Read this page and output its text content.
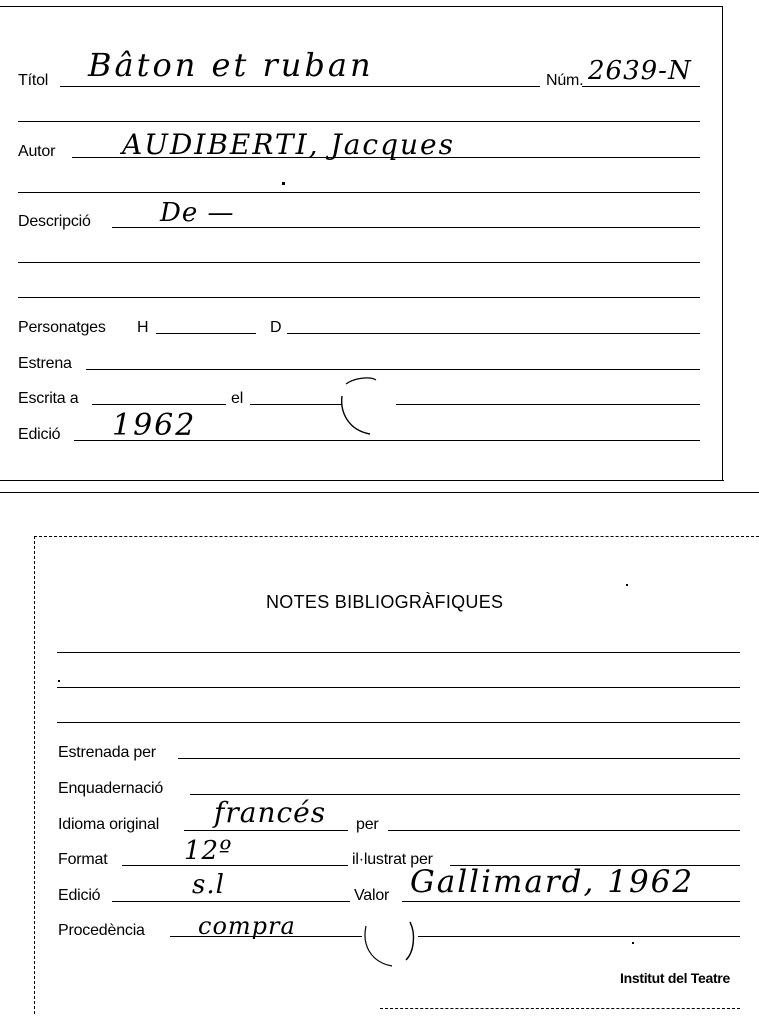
Títol Bâton et ruban	Núm. 2639-N
Autor AUDIBERTI, Jacques
Descripció	De —
Personatges H	D
Estrena
Escrita a	el
Edició 1962
NOTES BIBLIOGRÀFIQUES
Estrenada per
Enquadernació
Idioma original francés per
Format	12º	il·lustrat per
Edició	s.l	Valor Gallimard, 1962
Procedència compra
Institut del Teatre
